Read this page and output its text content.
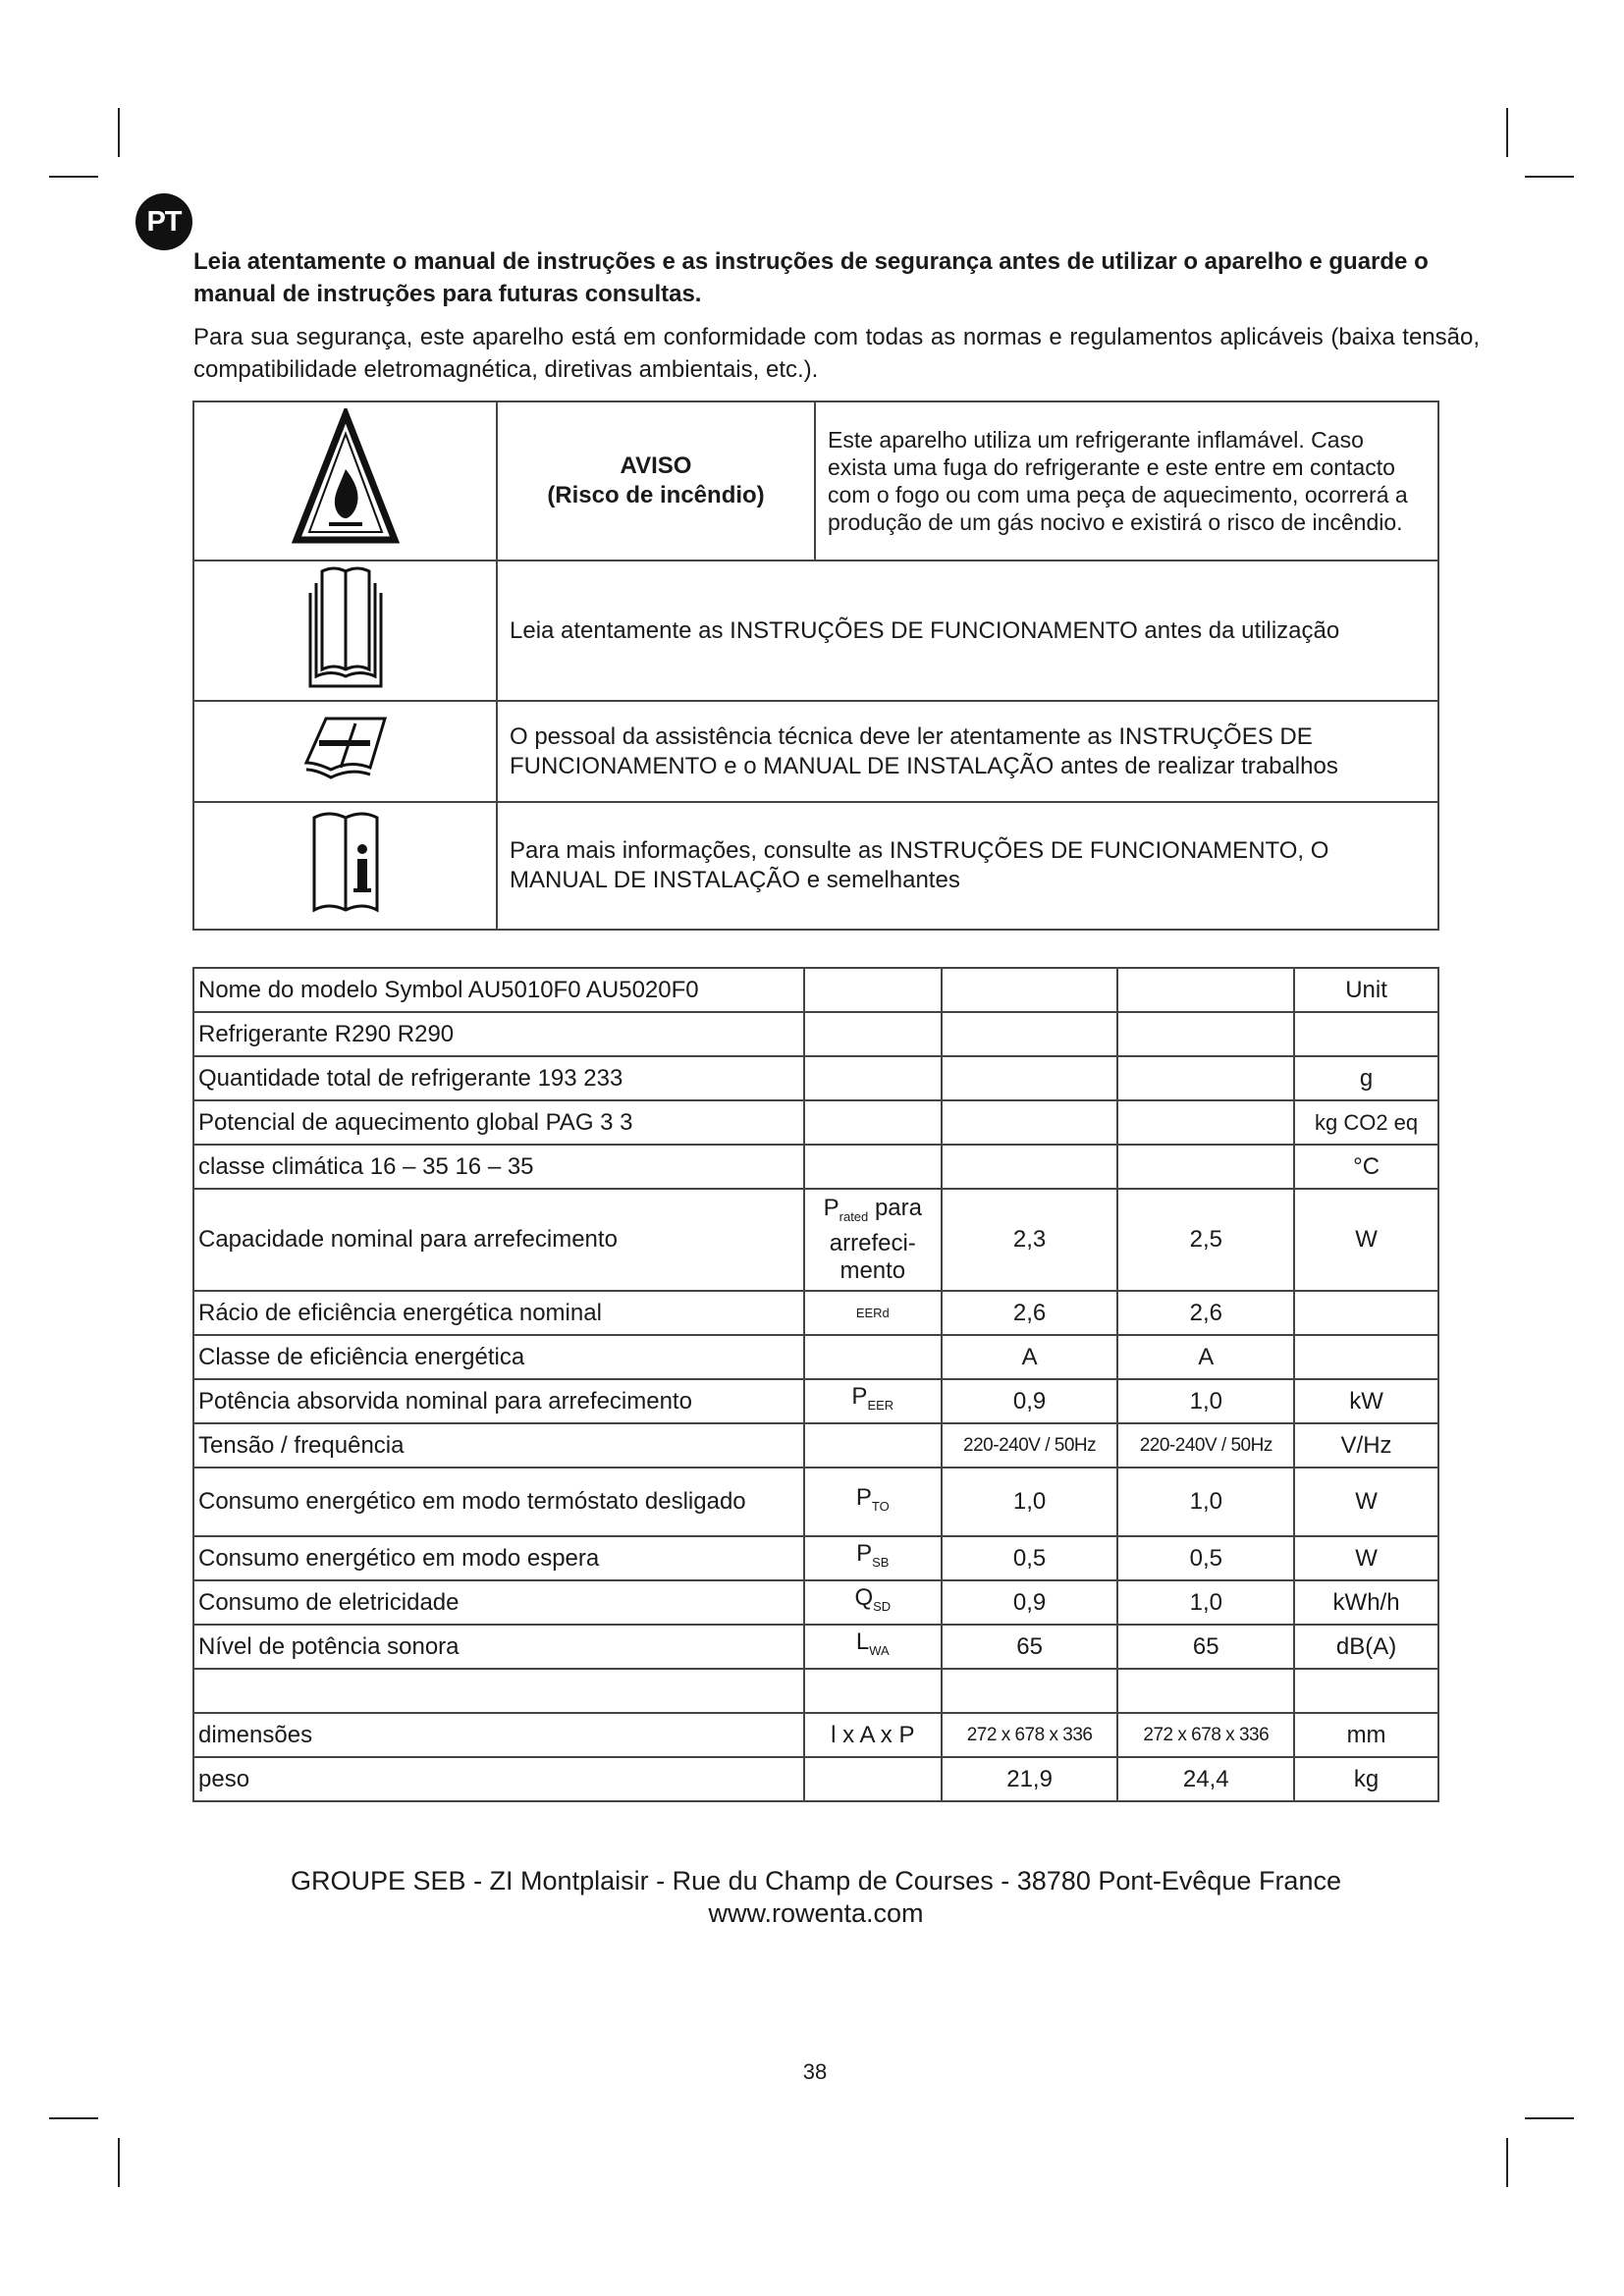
PT
Leia atentamente o manual de instruções e as instruções de segurança antes de utilizar o aparelho e guarde o manual de instruções para futuras consultas.
Para sua segurança, este aparelho está em conformidade com todas as normas e regulamentos aplicáveis (baixa tensão, compatibilidade eletromagnética, diretivas ambientais, etc.).

AVISO
(Risco de incêndio)	Este aparelho utiliza um refrigerante inflamável. Caso exista uma fuga do refrigerante e este entre em contacto com o fogo ou com uma peça de aquecimento, ocorrerá a produção de um gás nocivo e existirá o risco de incêndio.
	Leia atentamente as INSTRUÇÕES DE FUNCIONAMENTO antes da utilização	
	O pessoal da assistência técnica deve ler atentamente as INSTRUÇÕES DE FUNCIONAMENTO e o MANUAL DE INSTALAÇÃO antes de realizar trabalhos	
	Para mais informações, consulte as INSTRUÇÕES DE FUNCIONAMENTO, O MANUAL DE INSTALAÇÃO e semelhantes	
Nome do modelo Symbol AU5010F0 AU5020F0				Unit
Refrigerante R290 R290				
Quantidade total de refrigerante 193 233				g
Potencial de aquecimento global PAG 3 3				kg CO2 eq
classe climática 16 – 35 16 – 35				°C
Capacidade nominal para arrefecimento	$P_{rated}$ para arrefeci-mento	2,3	2,5	W
Rácio de eficiência energética nominal	EERd	2,6	2,6	
Classe de eficiência energética		A	A	
Potência absorvida nominal para arrefecimento	$P_{EER}$	0,9	1,0	kW
Tensão / frequência		220-240V / 50Hz	220-240V / 50Hz	V/Hz
Consumo energético em modo termóstato desligado	$P_{TO}$	1,0	1,0	W
Consumo energético em modo espera	$P_{SB}$	0,5	0,5	W
Consumo de eletricidade	$Q_{SD}$	0,9	1,0	kWh/h
Nível de potência sonora	$L_{WA}$	65	65	dB(A)

dimensões	l x A x P	272 x 678 x 336	272 x 678 x 336	mm
peso		21,9	24,4	kg
GROUPE SEB - ZI Montplaisir - Rue du Champ de Courses - 38780 Pont-Evêque France
www.rowenta.com
38
